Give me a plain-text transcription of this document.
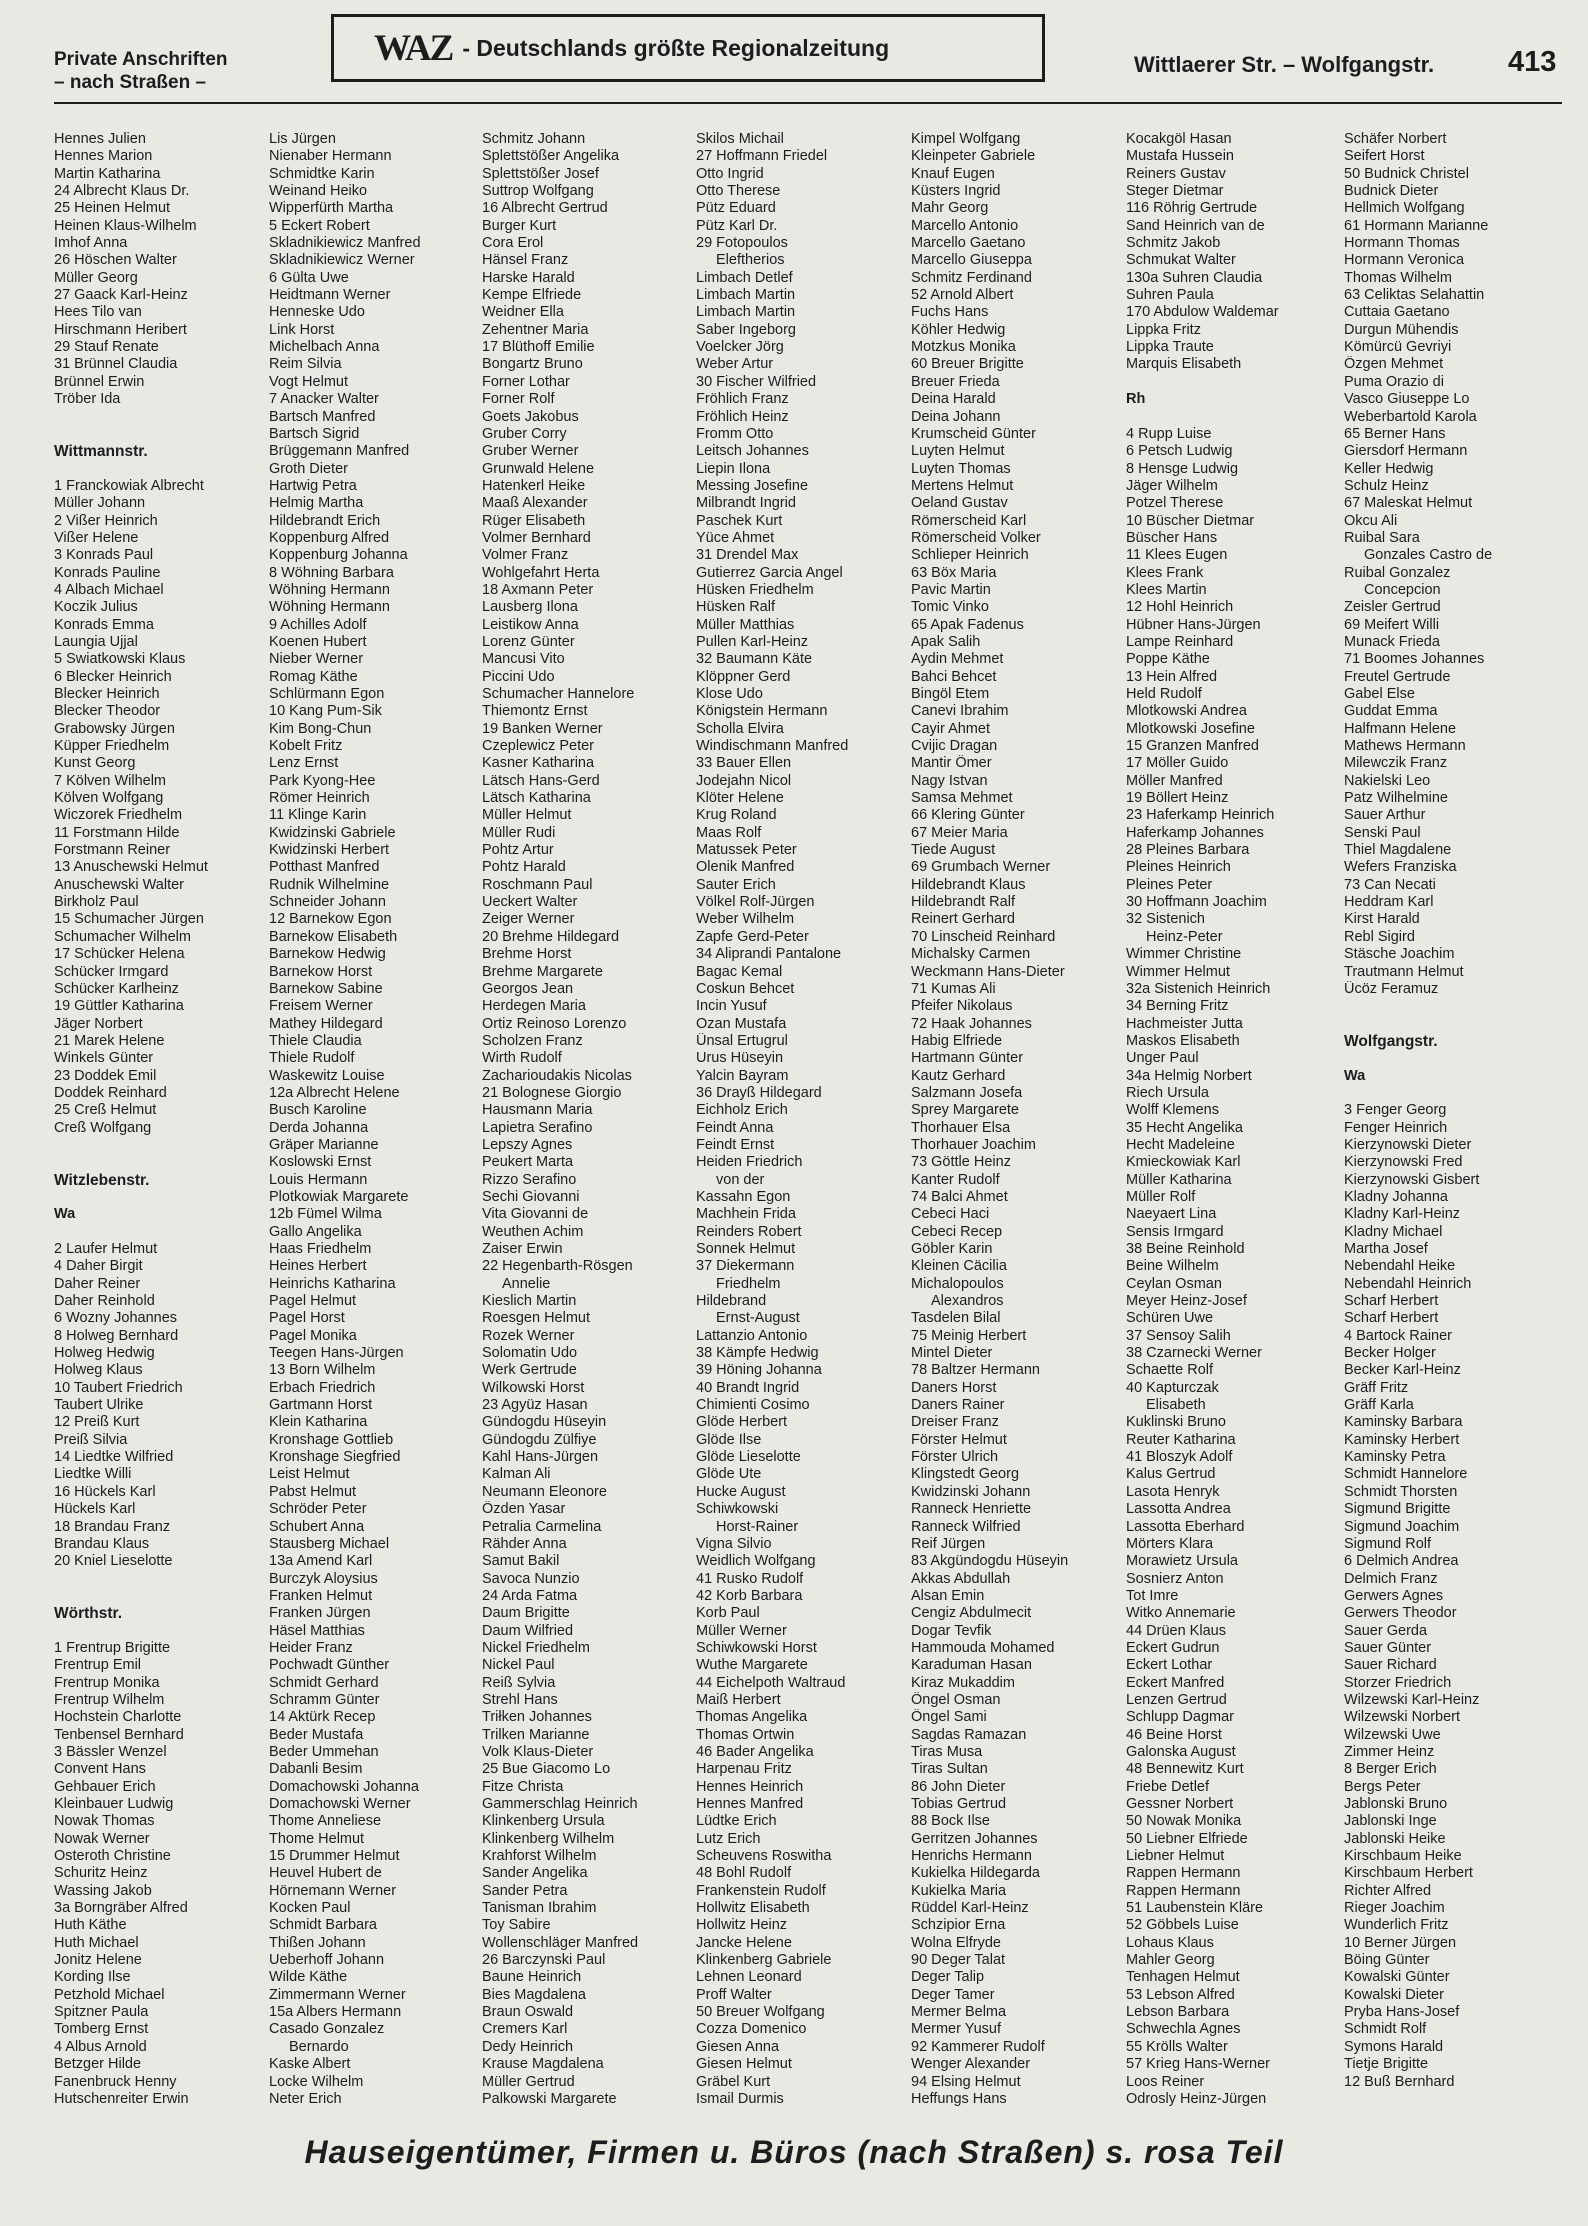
Private Anschriften
– nach Straßen –
WAZ - Deutschlands größte Regionalzeitung
Wittlaerer Str. – Wolfgangstr.	413
Hennes Julien
Hennes Marion
Martin Katharina
24 Albrecht Klaus Dr.
25 Heinen Helmut
Heinen Klaus-Wilhelm
Imhof Anna
26 Höschen Walter
Müller Georg
27 Gaack Karl-Heinz
Hees Tilo van
Hirschmann Heribert
29 Stauf Renate
31 Brünnel Claudia
Brünnel Erwin
Tröber Ida
Wittmannstr.
1 Franckowiak Albrecht
Müller Johann
2 Vißer Heinrich
Vißer Helene
3 Konrads Paul
Konrads Pauline
4 Albach Michael
Koczik Julius
Konrads Emma
Laungia Ujjal
5 Swiatkowski Klaus
6 Blecker Heinrich
Blecker Heinrich
Blecker Theodor
Grabowsky Jürgen
Küpper Friedhelm
Kunst Georg
7 Kölven Wilhelm
Kölven Wolfgang
Wiczorek Friedhelm
11 Forstmann Hilde
Forstmann Reiner
13 Anuschewski Helmut
Anuschewski Walter
Birkholz Paul
15 Schumacher Jürgen
Schumacher Wilhelm
17 Schücker Helena
Schücker Irmgard
Schücker Karlheinz
19 Güttler Katharina
Jäger Norbert
21 Marek Helene
Winkels Günter
23 Doddek Emil
Doddek Reinhard
25 Creß Helmut
Creß Wolfgang
Witzlebenstr.
Wa
2 Laufer Helmut
4 Daher Birgit
Daher Reiner
Daher Reinhold
6 Wozny Johannes
8 Holweg Bernhard
Holweg Hedwig
Holweg Klaus
10 Taubert Friedrich
Taubert Ulrike
12 Preiß Kurt
Preiß Silvia
14 Liedtke Wilfried
Liedtke Willi
16 Hückels Karl
Hückels Karl
18 Brandau Franz
Brandau Klaus
20 Kniel Lieselotte
Wörthstr.
1 Frentrup Brigitte
Frentrup Emil
Frentrup Monika
Frentrup Wilhelm
Hochstein Charlotte
Tenbensel Bernhard
3 Bässler Wenzel
Convent Hans
Gehbauer Erich
Kleinbauer Ludwig
Nowak Thomas
Nowak Werner
Osteroth Christine
Schuritz Heinz
Wassing Jakob
3a Borngräber Alfred
Huth Käthe
Huth Michael
Jonitz Helene
Kording Ilse
Petzhold Michael
Spitzner Paula
Tomberg Ernst
4 Albus Arnold
Betzger Hilde
Fanenbruck Henny
Hutschenreiter Erwin
Lis Jürgen
Nienaber Hermann
Schmidtke Karin
Weinand Heiko
Wipperfürth Martha
5 Eckert Robert
Skladnikiewicz Manfred
Skladnikiewicz Werner
6 Gülta Uwe
Heidtmann Werner
Henneske Udo
Link Horst
Michelbach Anna
Reim Silvia
Vogt Helmut
7 Anacker Walter
Bartsch Manfred
Bartsch Sigrid
Brüggemann Manfred
Groth Dieter
Hartwig Petra
Helmig Martha
Hildebrandt Erich
Koppenburg Alfred
Koppenburg Johanna
8 Wöhning Barbara
Wöhning Hermann
Wöhning Hermann
9 Achilles Adolf
Koenen Hubert
Nieber Werner
Romag Käthe
Schlürmann Egon
10 Kang Pum-Sik
Kim Bong-Chun
Kobelt Fritz
Lenz Ernst
Park Kyong-Hee
Römer Heinrich
11 Klinge Karin
Kwidzinski Gabriele
Kwidzinski Herbert
Potthast Manfred
Rudnik Wilhelmine
Schneider Johann
12 Barnekow Egon
Barnekow Elisabeth
Barnekow Hedwig
Barnekow Horst
Barnekow Sabine
Freisem Werner
Mathey Hildegard
Thiele Claudia
Thiele Rudolf
Waskewitz Louise
12a Albrecht Helene
Busch Karoline
Derda Johanna
Gräper Marianne
Koslowski Ernst
Louis Hermann
Plotkowiak Margarete
12b Fümel Wilma
Gallo Angelika
Haas Friedhelm
Heines Herbert
Heinrichs Katharina
Pagel Helmut
Pagel Horst
Pagel Monika
Teegen Hans-Jürgen
13 Born Wilhelm
Erbach Friedrich
Gartmann Horst
Klein Katharina
Kronshage Gottlieb
Kronshage Siegfried
Leist Helmut
Pabst Helmut
Schröder Peter
Schubert Anna
Stausberg Michael
13a Amend Karl
Burczyk Aloysius
Franken Helmut
Franken Jürgen
Häsel Matthias
Heider Franz
Pochwadt Günther
Schmidt Gerhard
Schramm Günter
14 Aktürk Recep
Beder Mustafa
Beder Ummehan
Dabanli Besim
Domachowski Johanna
Domachowski Werner
Thome Anneliese
Thome Helmut
15 Drummer Helmut
Heuvel Hubert de
Hörnemann Werner
Kocken Paul
Schmidt Barbara
Thißen Johann
Ueberhoff Johann
Wilde Käthe
Zimmermann Werner
15a Albers Hermann
Casado Gonzalez
Bernardo
Kaske Albert
Locke Wilhelm
Neter Erich
Schmitz Johann
Splettstößer Angelika
Splettstößer Josef
Suttrop Wolfgang
16 Albrecht Gertrud
Burger Kurt
Cora Erol
Hänsel Franz
Harske Harald
Kempe Elfriede
Weidner Ella
Zehentner Maria
17 Blüthoff Emilie
Bongartz Bruno
Forner Lothar
Forner Rolf
Goets Jakobus
Gruber Corry
Gruber Werner
Grunwald Helene
Hatenkerl Heike
Maaß Alexander
Rüger Elisabeth
Volmer Bernhard
Volmer Franz
Wohlgefahrt Herta
18 Axmann Peter
Lausberg Ilona
Leistikow Anna
Lorenz Günter
Mancusi Vito
Piccini Udo
Schumacher Hannelore
Thiemontz Ernst
19 Banken Werner
Czeplewicz Peter
Kasner Katharina
Lätsch Hans-Gerd
Lätsch Katharina
Müller Helmut
Müller Rudi
Pohtz Artur
Pohtz Harald
Roschmann Paul
Ueckert Walter
Zeiger Werner
20 Brehme Hildegard
Brehme Horst
Brehme Margarete
Georgos Jean
Herdegen Maria
Ortiz Reinoso Lorenzo
Scholzen Franz
Wirth Rudolf
Zacharioudakis Nicolas
21 Bolognese Giorgio
Hausmann Maria
Lapietra Serafino
Lepszy Agnes
Peukert Marta
Rizzo Serafino
Sechi Giovanni
Vita Giovanni de
Weuthen Achim
Zaiser Erwin
22 Hegenbarth-Rösgen
Annelie
Kieslich Martin
Roesgen Helmut
Rozek Werner
Solomatin Udo
Werk Gertrude
Wilkowski Horst
23 Agyüz Hasan
Gündogdu Hüseyin
Gündogdu Zülfiye
Kahl Hans-Jürgen
Kalman Ali
Neumann Eleonore
Özden Yasar
Petralia Carmelina
Rähder Anna
Samut Bakil
Savoca Nunzio
24 Arda Fatma
Daum Brigitte
Daum Wilfried
Nickel Friedhelm
Nickel Paul
Reiß Sylvia
Strehl Hans
Triłken Johannes
Trilken Marianne
Volk Klaus-Dieter
25 Bue Giacomo Lo
Fitze Christa
Gammerschlag Heinrich
Klinkenberg Ursula
Klinkenberg Wilhelm
Krahforst Wilhelm
Sander Angelika
Sander Petra
Tanisman Ibrahim
Toy Sabire
Wollenschläger Manfred
26 Barczynski Paul
Baune Heinrich
Bies Magdalena
Braun Oswald
Cremers Karl
Dedy Heinrich
Krause Magdalena
Müller Gertrud
Palkowski Margarete
Skilos Michail
27 Hoffmann Friedel
Otto Ingrid
Otto Therese
Pütz Eduard
Pütz Karl Dr.
29 Fotopoulos
Eleftherios
Limbach Detlef
Limbach Martin
Limbach Martin
Saber Ingeborg
Voelcker Jörg
Weber Artur
30 Fischer Wilfried
Fröhlich Franz
Fröhlich Heinz
Fromm Otto
Leitsch Johannes
Liepin Ilona
Messing Josefine
Milbrandt Ingrid
Paschek Kurt
Yüce Ahmet
31 Drendel Max
Gutierrez Garcia Angel
Hüsken Friedhelm
Hüsken Ralf
Müller Matthias
Pullen Karl-Heinz
32 Baumann Käte
Klöppner Gerd
Klose Udo
Königstein Hermann
Scholla Elvira
Windischmann Manfred
33 Bauer Ellen
Jodejahn Nicol
Klöter Helene
Krug Roland
Maas Rolf
Matussek Peter
Olenik Manfred
Sauter Erich
Völkel Rolf-Jürgen
Weber Wilhelm
Zapfe Gerd-Peter
34 Aliprandi Pantalone
Bagac Kemal
Coskun Behcet
Incin Yusuf
Ozan Mustafa
Ünsal Ertugrul
Urus Hüseyin
Yalcin Bayram
36 Drayß Hildegard
Eichholz Erich
Feindt Anna
Feindt Ernst
Heiden Friedrich
von der
Kassahn Egon
Machhein Frida
Reinders Robert
Sonnek Helmut
37 Diekermann
Friedhelm
Hildebrand
Ernst-August
Lattanzio Antonio
38 Kämpfe Hedwig
39 Höning Johanna
40 Brandt Ingrid
Chimienti Cosimo
Glöde Herbert
Glöde Ilse
Glöde Lieselotte
Glöde Ute
Hucke August
Schiwkowski
Horst-Rainer
Vigna Silvio
Weidlich Wolfgang
41 Rusko Rudolf
42 Korb Barbara
Korb Paul
Müller Werner
Schiwkowski Horst
Wuthe Margarete
44 Eichelpoth Waltraud
Maiß Herbert
Thomas Angelika
Thomas Ortwin
46 Bader Angelika
Harpenau Fritz
Hennes Heinrich
Hennes Manfred
Lüdtke Erich
Lutz Erich
Scheuvens Roswitha
48 Bohl Rudolf
Frankenstein Rudolf
Hollwitz Elisabeth
Hollwitz Heinz
Jancke Helene
Klinkenberg Gabriele
Lehnen Leonard
Proff Walter
50 Breuer Wolfgang
Cozza Domenico
Giesen Anna
Giesen Helmut
Gräbel Kurt
Ismail Durmis
Kimpel Wolfgang
Kleinpeter Gabriele
Knauf Eugen
Küsters Ingrid
Mahr Georg
Marcello Antonio
Marcello Gaetano
Marcello Giuseppa
Schmitz Ferdinand
52 Arnold Albert
Fuchs Hans
Köhler Hedwig
Motzkus Monika
60 Breuer Brigitte
Breuer Frieda
Deina Harald
Deina Johann
Krumscheid Günter
Luyten Helmut
Luyten Thomas
Mertens Helmut
Oeland Gustav
Römerscheid Karl
Römerscheid Volker
Schlieper Heinrich
63 Böx Maria
Pavic Martin
Tomic Vinko
65 Apak Fadenus
Apak Salih
Aydin Mehmet
Bahci Behcet
Bingöl Etem
Canevi Ibrahim
Cayir Ahmet
Cvijic Dragan
Mantir Ömer
Nagy Istvan
Samsa Mehmet
66 Klering Günter
67 Meier Maria
Tiede August
69 Grumbach Werner
Hildebrandt Klaus
Hildebrandt Ralf
Reinert Gerhard
70 Linscheid Reinhard
Michalsky Carmen
Weckmann Hans-Dieter
71 Kumas Ali
Pfeifer Nikolaus
72 Haak Johannes
Habig Elfriede
Hartmann Günter
Kautz Gerhard
Salzmann Josefa
Sprey Margarete
Thorhauer Elsa
Thorhauer Joachim
73 Göttle Heinz
Kanter Rudolf
74 Balci Ahmet
Cebeci Haci
Cebeci Recep
Göbler Karin
Kleinen Cäcilia
Michalopoulos
Alexandros
Tasdelen Bilal
75 Meinig Herbert
Mintel Dieter
78 Baltzer Hermann
Daners Horst
Daners Rainer
Dreiser Franz
Förster Helmut
Förster Ulrich
Klingstedt Georg
Kwidzinski Johann
Ranneck Henriette
Ranneck Wilfried
Reif Jürgen
83 Akgündogdu Hüseyin
Akkas Abdullah
Alsan Emin
Cengiz Abdulmecit
Dogar Tevfik
Hammouda Mohamed
Karaduman Hasan
Kiraz Mukaddim
Öngel Osman
Öngel Sami
Sagdas Ramazan
Tiras Musa
Tiras Sultan
86 John Dieter
Tobias Gertrud
88 Bock Ilse
Gerritzen Johannes
Henrichs Hermann
Kukielka Hildegarda
Kukielka Maria
Rüddel Karl-Heinz
Schzipior Erna
Wolna Elfryde
90 Deger Talat
Deger Talip
Deger Tamer
Mermer Belma
Mermer Yusuf
92 Kammerer Rudolf
Wenger Alexander
94 Elsing Helmut
Heffungs Hans
Kocakgöl Hasan
Mustafa Hussein
Reiners Gustav
Steger Dietmar
116 Röhrig Gertrude
Sand Heinrich van de
Schmitz Jakob
Schmukat Walter
130a Suhren Claudia
Suhren Paula
170 Abdulow Waldemar
Lippka Fritz
Lippka Traute
Marquis Elisabeth
Rh
4 Rupp Luise
6 Petsch Ludwig
8 Hensge Ludwig
Jäger Wilhelm
Potzel Therese
10 Büscher Dietmar
Büscher Hans
11 Klees Eugen
Klees Frank
Klees Martin
12 Hohl Heinrich
Hübner Hans-Jürgen
Lampe Reinhard
Poppe Käthe
13 Hein Alfred
Held Rudolf
Mlotkowski Andrea
Mlotkowski Josefine
15 Granzen Manfred
17 Möller Guido
Möller Manfred
19 Böllert Heinz
23 Haferkamp Heinrich
Haferkamp Johannes
28 Pleines Barbara
Pleines Heinrich
Pleines Peter
30 Hoffmann Joachim
32 Sistenich
Heinz-Peter
Wimmer Christine
Wimmer Helmut
32a Sistenich Heinrich
34 Berning Fritz
Hachmeister Jutta
Maskos Elisabeth
Unger Paul
34a Helmig Norbert
Riech Ursula
Wolff Klemens
35 Hecht Angelika
Hecht Madeleine
Kmieckowiak Karl
Müller Katharina
Müller Rolf
Naeyaert Lina
Sensis Irmgard
38 Beine Reinhold
Beine Wilhelm
Ceylan Osman
Meyer Heinz-Josef
Schüren Uwe
37 Sensoy Salih
38 Czarnecki Werner
Schaette Rolf
40 Kapturczak
Elisabeth
Kuklinski Bruno
Reuter Katharina
41 Bloszyk Adolf
Kalus Gertrud
Lasota Henryk
Lassotta Andrea
Lassotta Eberhard
Mörters Klara
Morawietz Ursula
Sosnierz Anton
Tot Imre
Witko Annemarie
44 Drüen Klaus
Eckert Gudrun
Eckert Lothar
Eckert Manfred
Lenzen Gertrud
Schlupp Dagmar
46 Beine Horst
Galonska August
48 Bennewitz Kurt
Friebe Detlef
Gessner Norbert
50 Nowak Monika
50 Liebner Elfriede
Liebner Helmut
Rappen Hermann
Rappen Hermann
51 Laubenstein Kläre
52 Göbbels Luise
Lohaus Klaus
Mahler Georg
Tenhagen Helmut
53 Lebson Alfred
Lebson Barbara
Schwechla Agnes
55 Krölls Walter
57 Krieg Hans-Werner
Loos Reiner
Odrosly Heinz-Jürgen
Schäfer Norbert
Seifert Horst
50 Budnick Christel
Budnick Dieter
Hellmich Wolfgang
61 Hormann Marianne
Hormann Thomas
Hormann Veronica
Thomas Wilhelm
63 Celiktas Selahattin
Cuttaia Gaetano
Durgun Mühendis
Kömürcü Gevriyi
Özgen Mehmet
Puma Orazio di
Vasco Giuseppe Lo
Weberbartold Karola
65 Berner Hans
Giersdorf Hermann
Keller Hedwig
Schulz Heinz
67 Maleskat Helmut
Okcu Ali
Ruibal Sara
Gonzales Castro de
Ruibal Gonzalez
Concepcion
Zeisler Gertrud
69 Meifert Willi
Munack Frieda
71 Boomes Johannes
Freutel Gertrude
Gabel Else
Guddat Emma
Halfmann Helene
Mathews Hermann
Milewczik Franz
Nakielski Leo
Patz Wilhelmine
Sauer Arthur
Senski Paul
Thiel Magdalene
Wefers Franziska
73 Can Necati
Heddram Karl
Kirst Harald
Rebl Sigird
Stäsche Joachim
Trautmann Helmut
Ücöz Feramuz
Wolfgangstr.
Wa
3 Fenger Georg
Fenger Heinrich
Kierzynowski Dieter
Kierzynowski Fred
Kierzynowski Gisbert
Kladny Johanna
Kladny Karl-Heinz
Kladny Michael
Martha Josef
Nebendahl Heike
Nebendahl Heinrich
Scharf Herbert
Scharf Herbert
4 Bartock Rainer
Becker Holger
Becker Karl-Heinz
Gräff Fritz
Gräff Karla
Kaminsky Barbara
Kaminsky Herbert
Kaminsky Petra
Schmidt Hannelore
Schmidt Thorsten
Sigmund Brigitte
Sigmund Joachim
Sigmund Rolf
6 Delmich Andrea
Delmich Franz
Gerwers Agnes
Gerwers Theodor
Sauer Gerda
Sauer Günter
Sauer Richard
Storzer Friedrich
Wilzewski Karl-Heinz
Wilzewski Norbert
Wilzewski Uwe
Zimmer Heinz
8 Berger Erich
Bergs Peter
Jablonski Bruno
Jablonski Inge
Jablonski Heike
Kirschbaum Heike
Kirschbaum Herbert
Richter Alfred
Rieger Joachim
Wunderlich Fritz
10 Berner Jürgen
Böing Günter
Kowalski Günter
Kowalski Dieter
Pryba Hans-Josef
Schmidt Rolf
Symons Harald
Tietje Brigitte
12 Buß Bernhard
Hauseigentümer, Firmen u. Büros (nach Straßen) s. rosa Teil
